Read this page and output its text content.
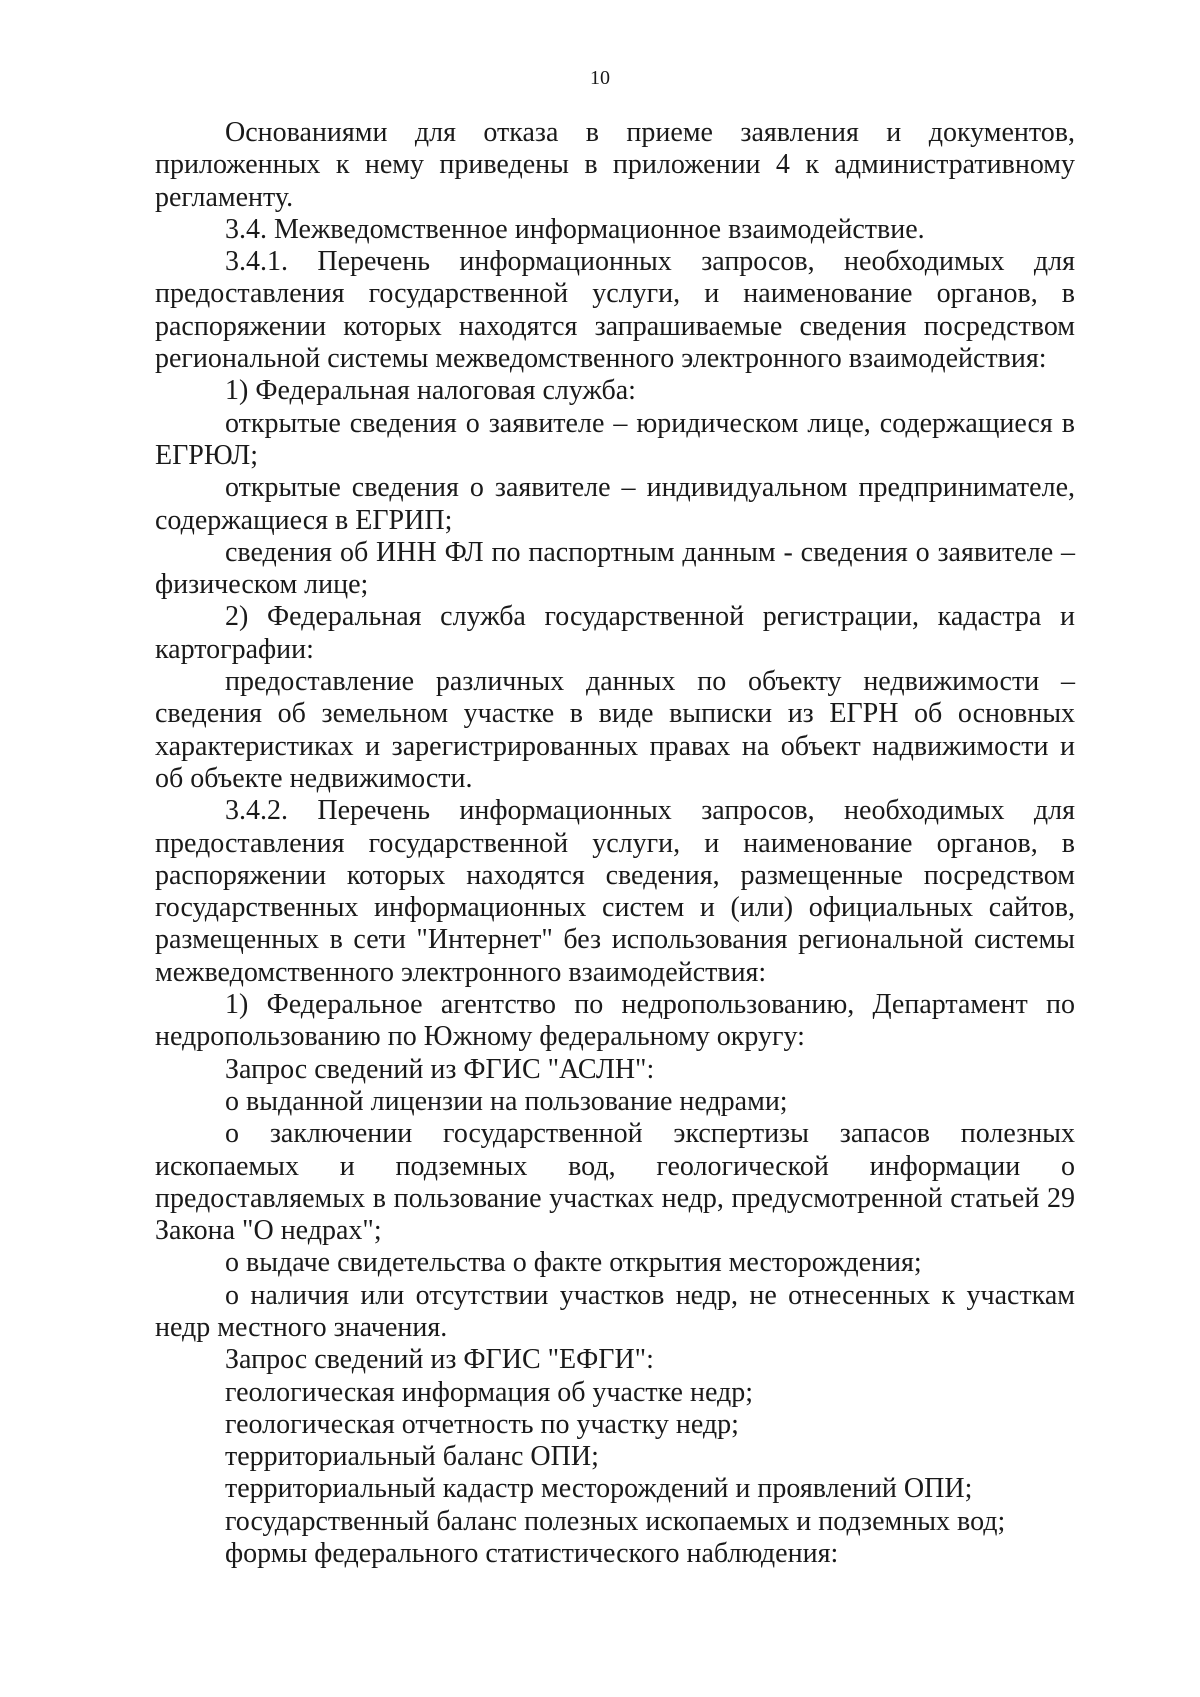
10

Основаниями для отказа в приеме заявления и документов, приложенных к нему приведены в приложении 4 к административному регламенту.

3.4. Межведомственное информационное взаимодействие.

3.4.1. Перечень информационных запросов, необходимых для предоставления государственной услуги, и наименование органов, в распоряжении которых находятся запрашиваемые сведения посредством региональной системы межведомственного электронного взаимодействия:

1) Федеральная налоговая служба:

открытые сведения о заявителе – юридическом лице, содержащиеся в ЕГРЮЛ;

открытые сведения о заявителе – индивидуальном предпринимателе, содержащиеся в ЕГРИП;

сведения об ИНН ФЛ по паспортным данным - сведения о заявителе – физическом лице;

2) Федеральная служба государственной регистрации, кадастра и картографии:

предоставление различных данных по объекту недвижимости – сведения об земельном участке в виде выписки из ЕГРН об основных характеристиках и зарегистрированных правах на объект надвижимости и об объекте недвижимости.

3.4.2. Перечень информационных запросов, необходимых для предоставления государственной услуги, и наименование органов, в распоряжении которых находятся сведения, размещенные посредством государственных информационных систем и (или) официальных сайтов, размещенных в сети "Интернет" без использования региональной системы межведомственного электронного взаимодействия:

1) Федеральное агентство по недропользованию, Департамент по недропользованию по Южному федеральному округу:

Запрос сведений из ФГИС "АСЛН":

о выданной лицензии на пользование недрами;

о заключении государственной экспертизы запасов полезных ископаемых и подземных вод, геологической информации о предоставляемых в пользование участках недр, предусмотренной статьей 29 Закона "О недрах";

о выдаче свидетельства о факте открытия месторождения;

о наличия или отсутствии участков недр, не отнесенных к участкам недр местного значения.

Запрос сведений из ФГИС "ЕФГИ":

геологическая информация об участке недр;

геологическая отчетность по участку недр;

территориальный баланс ОПИ;

территориальный кадастр месторождений и проявлений ОПИ;

государственный баланс полезных ископаемых и подземных вод;

формы федерального статистического наблюдения:
